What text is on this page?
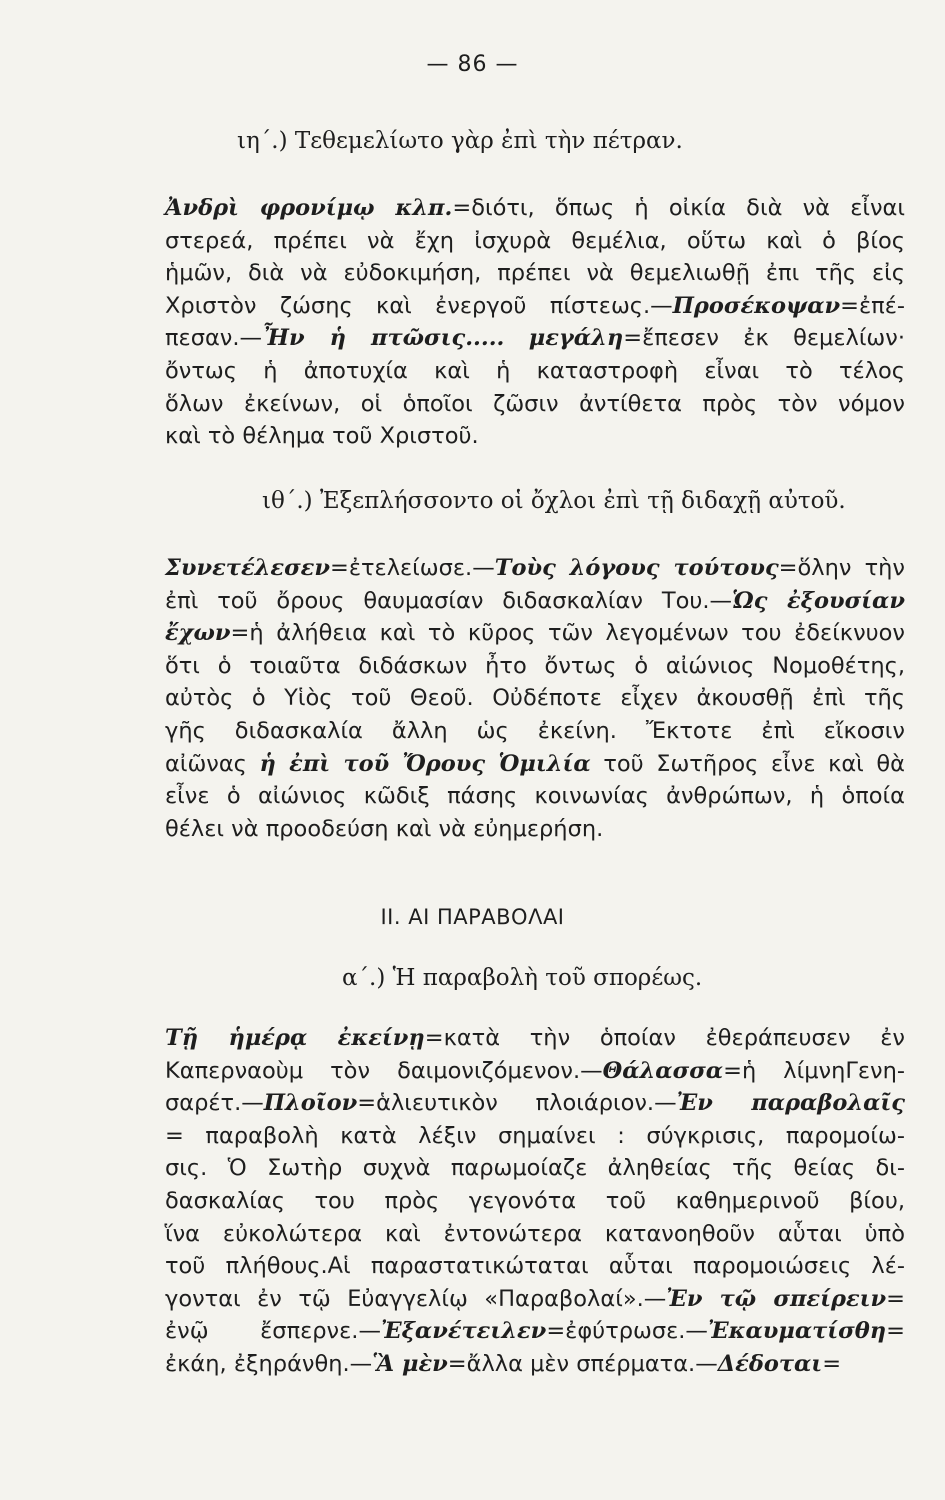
— 86 —
ιη΄.) Τεθεμελίωτο γὰρ ἐπὶ τὴν πέτραν.
Ἀνδρὶ φρονίμῳ κλπ.=διότι, ὅπως ἡ οἰκία διὰ νὰ εἶναι
στερεά, πρέπει νὰ ἔχη ἰσχυρὰ θεμέλια, οὕτω καὶ ὁ βίος
ἡμῶν, διὰ νὰ εὐδοκιμήση, πρέπει νὰ θεμελιωθῇ ἐπι τῆς εἰς
Χριστὸν ζώσης καὶ ἐνεργοῦ πίστεως.—Προσέκοψαν=ἐπέ-
πεσαν.—Ἦν ἡ πτῶσις..... μεγάλη=ἔπεσεν ἐκ θεμελίων·
ὄντως ἡ ἀποτυχία καὶ ἡ καταστροφὴ εἶναι τὸ τέλος
ὅλων ἐκείνων, οἱ ὁποῖοι ζῶσιν ἀντίθετα πρὸς τὸν νόμον
καὶ τὸ θέλημα τοῦ Χριστοῦ.
ιθ΄.) Ἐξεπλήσσοντο οἱ ὄχλοι ἐπὶ τῇ διδαχῇ αὐτοῦ.
Συνετέλεσεν=ἐτελείωσε.—Τοὺς λόγους τούτους=ὅλην τὴν
ἐπὶ τοῦ ὄρους θαυμασίαν διδασκαλίαν Του.—Ὡς ἐξουσίαν
ἔχων=ἡ ἀλήθεια καὶ τὸ κῦρος τῶν λεγομένων του ἐδείκνυον
ὅτι ὁ τοιαῦτα διδάσκων ἦτο ὄντως ὁ αἰώνιος Νομοθέτης,
αὐτὸς ὁ Υἱὸς τοῦ Θεοῦ. Οὐδέποτε εἶχεν ἀκουσθῇ ἐπὶ τῆς
γῆς διδασκαλία ἄλλη ὡς ἐκείνη. Ἔκτοτε ἐπὶ εἴκοσιν
αἰῶνας ἡ ἐπὶ τοῦ Ὄρους Ὁμιλία τοῦ Σωτῆρος εἶνε καὶ θὰ
εἶνε ὁ αἰώνιος κῶδιξ πάσης κοινωνίας ἀνθρώπων, ἡ ὁποία
θέλει νὰ προοδεύση καὶ νὰ εὐημερήση.
ΙΙ. ΑΙ ΠΑΡΑΒΟΛΑΙ
α΄.) Ἡ παραβολὴ τοῦ σπορέως.
Τῇ ἡμέρᾳ ἐκείνῃ=κατὰ τὴν ὁποίαν ἐθεράπευσεν ἐν
Καπερναοὺμ τὸν δαιμονιζόμενον.—Θάλασσα=ἡ λίμνηΓενη-
σαρέτ.—Πλοῖον=ἁλιευτικὸν πλοιάριον.—Ἐν παραβολαῖς
= παραβολὴ κατὰ λέξιν σημαίνει : σύγκρισις, παρομοίω-
σις. Ὁ Σωτὴρ συχνὰ παρωμοίαζε ἀληθείας τῆς θείας δι-
δασκαλίας του πρὸς γεγονότα τοῦ καθημερινοῦ βίου,
ἵνα εὐκολώτερα καὶ ἐντονώτερα κατανοηθοῦν αὗται ὑπὸ
τοῦ πλήθους.Αἱ παραστατικώταται αὗται παρομοιώσεις λέ-
γονται ἐν τῷ Εὐαγγελίῳ «Παραβολαί».—Ἐν τῷ σπείρειν=
ἐνῷ ἔσπερνε.—Ἐξανέτειλεν=ἐφύτρωσε.—Ἐκαυματίσθη=
ἐκάη, ἐξηράνθη.—Ἃ μὲν=ἄλλα μὲν σπέρματα.—Δέδοται=
